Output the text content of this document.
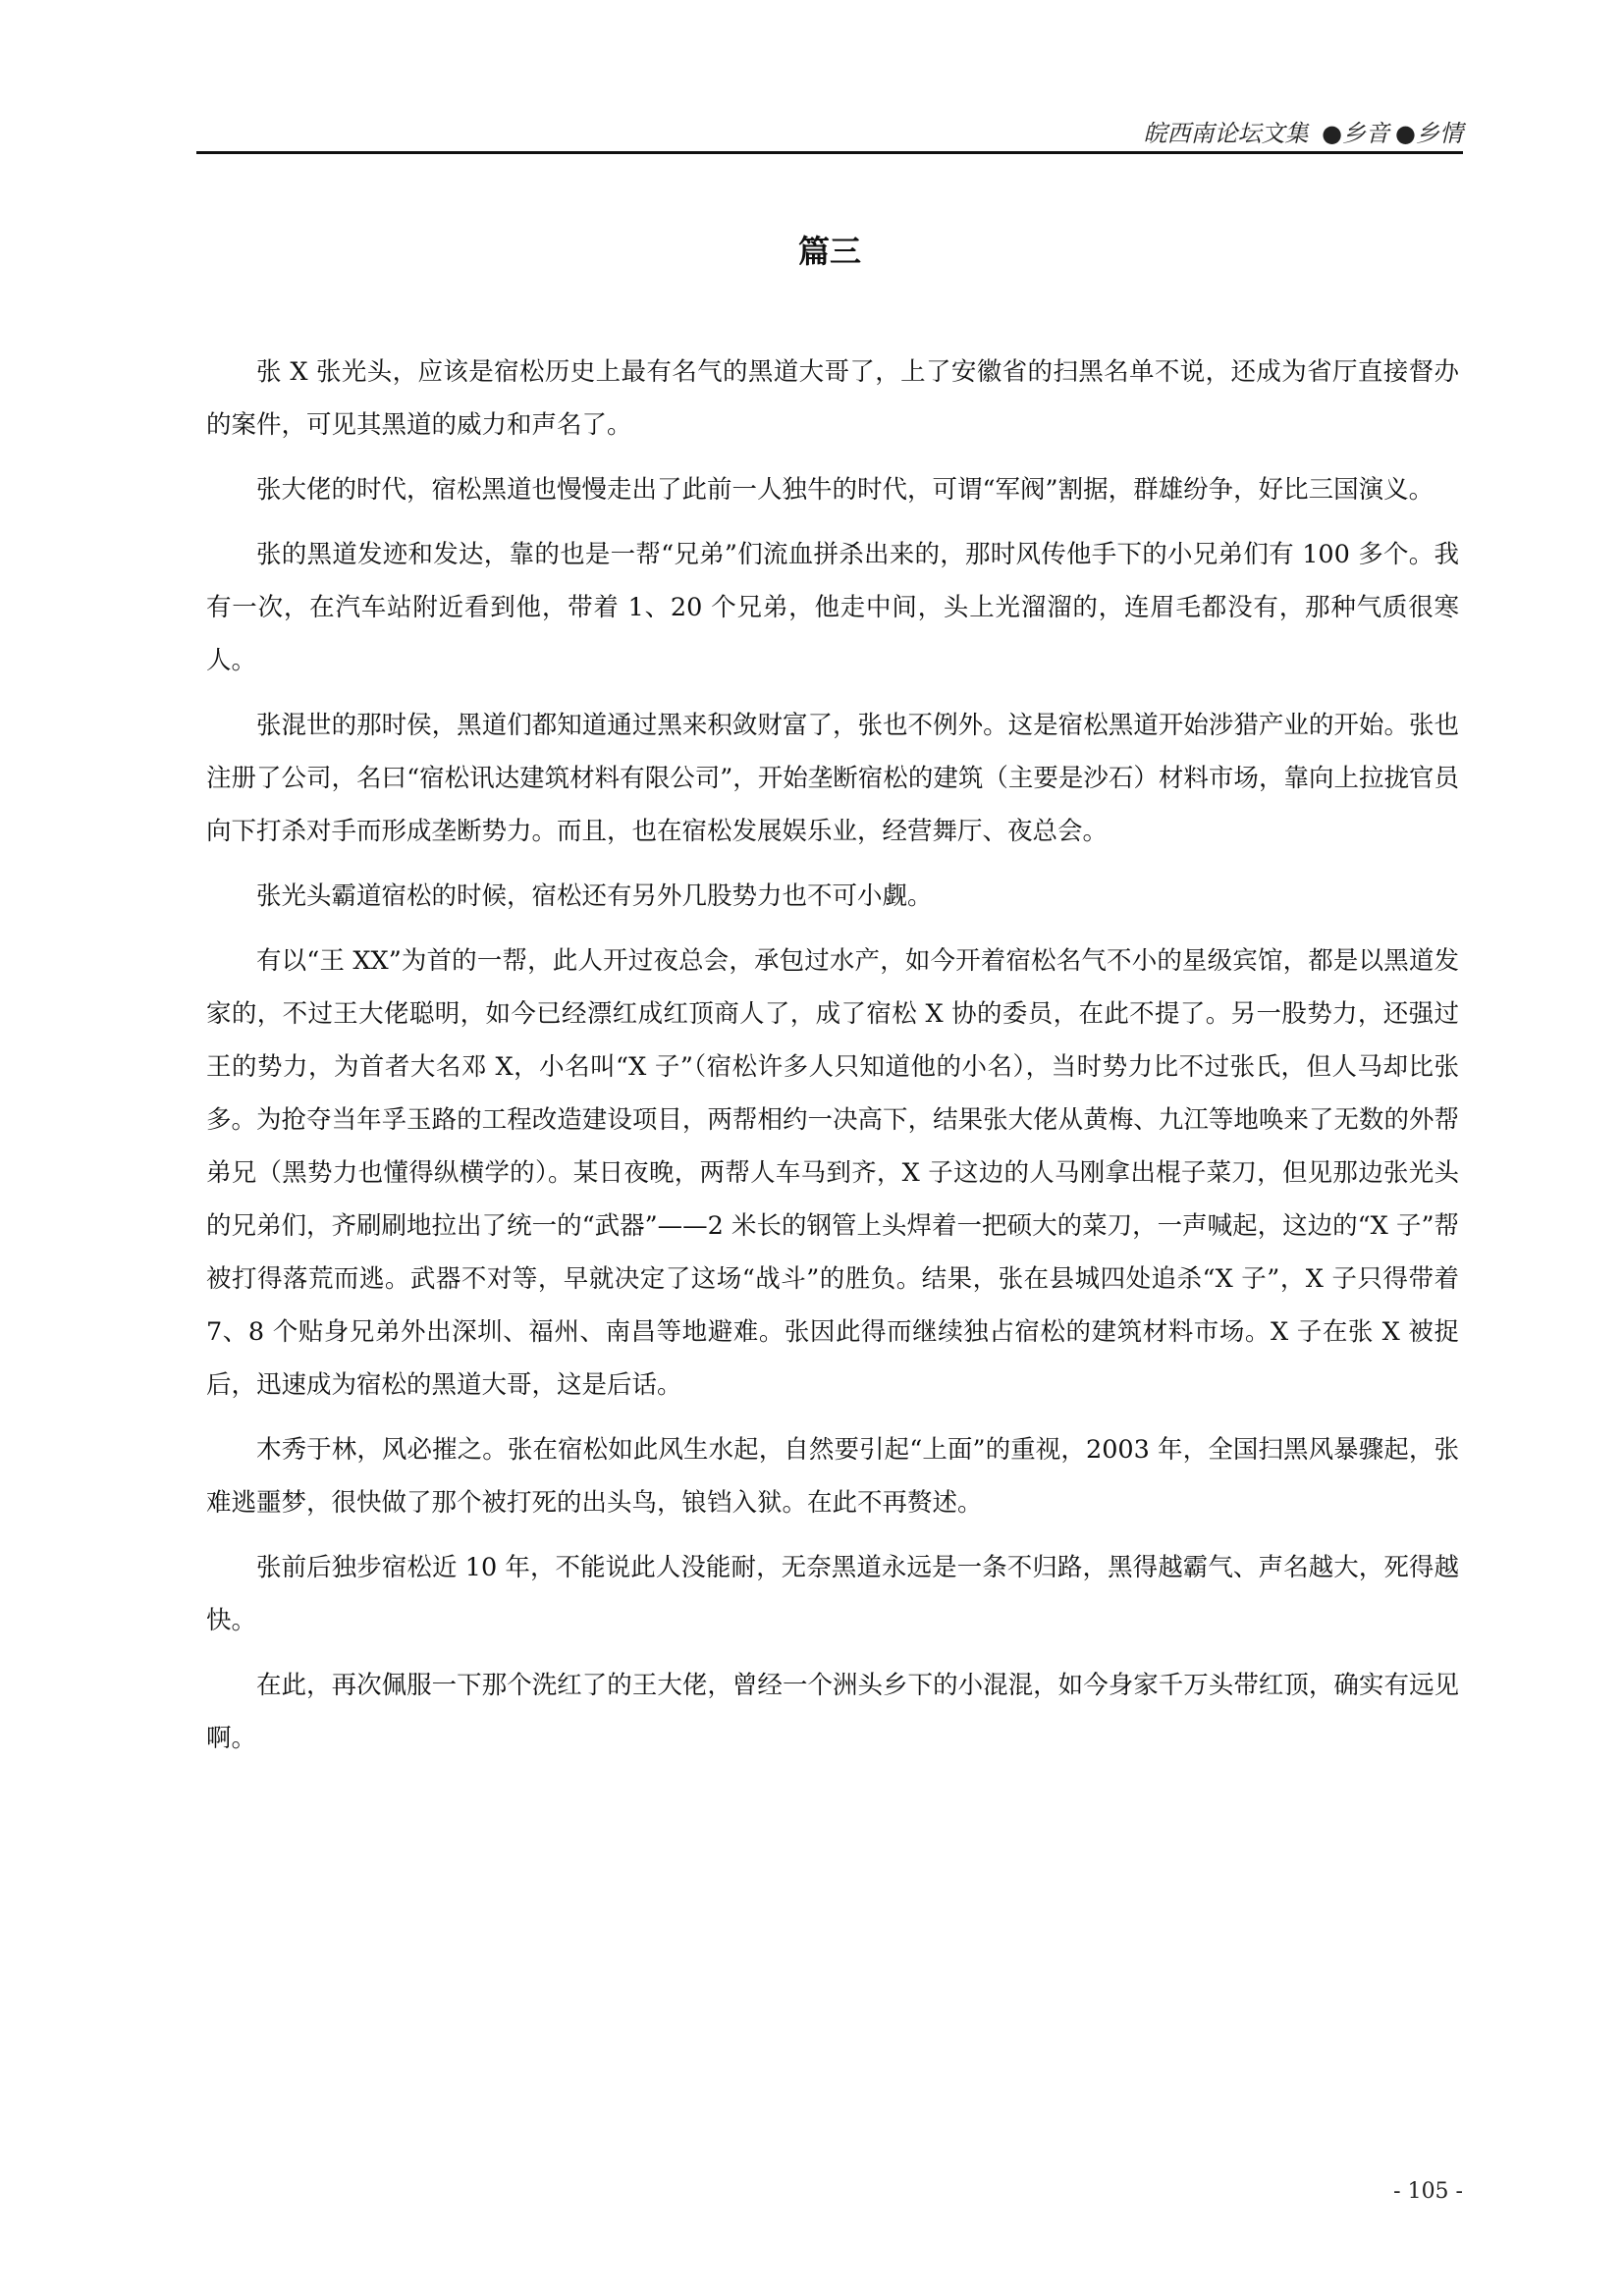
皖西南论坛文集 ●乡音 ●乡情
篇三

张 X 张光头，应该是宿松历史上最有名气的黑道大哥了，上了安徽省的扫黑名单不说，还成为省厅直接督办的案件，可见其黑道的威力和声名了。

张大佬的时代，宿松黑道也慢慢走出了此前一人独牛的时代，可谓“军阀”割据，群雄纷争，好比三国演义。

张的黑道发迹和发达，靠的也是一帮“兄弟”们流血拼杀出来的，那时风传他手下的小兄弟们有 100 多个。我有一次，在汽车站附近看到他，带着 1、20 个兄弟，他走中间，头上光溜溜的，连眉毛都没有，那种气质很寒人。

张混世的那时侯，黑道们都知道通过黑来积敛财富了，张也不例外。这是宿松黑道开始涉猎产业的开始。张也注册了公司，名曰“宿松讯达建筑材料有限公司”，开始垄断宿松的建筑（主要是沙石）材料市场，靠向上拉拢官员向下打杀对手而形成垄断势力。而且，也在宿松发展娱乐业，经营舞厅、夜总会。

张光头霸道宿松的时候，宿松还有另外几股势力也不可小觑。

有以“王 XX”为首的一帮，此人开过夜总会，承包过水产，如今开着宿松名气不小的星级宾馆，都是以黑道发家的，不过王大佬聪明，如今已经漂红成红顶商人了，成了宿松 X 协的委员，在此不提了。另一股势力，还强过王的势力，为首者大名邓 X，小名叫“X 子”（宿松许多人只知道他的小名），当时势力比不过张氏，但人马却比张多。为抢夺当年孚玉路的工程改造建设项目，两帮相约一决高下，结果张大佬从黄梅、九江等地唤来了无数的外帮弟兄（黑势力也懂得纵横学的）。某日夜晚，两帮人车马到齐，X 子这边的人马刚拿出棍子菜刀，但见那边张光头的兄弟们，齐刷刷地拉出了统一的“武器”——2 米长的钢管上头焊着一把硕大的菜刀，一声喊起，这边的“X 子”帮被打得落荒而逃。武器不对等，早就决定了这场“战斗”的胜负。结果，张在县城四处追杀“X 子”，X 子只得带着 7、8 个贴身兄弟外出深圳、福州、南昌等地避难。张因此得而继续独占宿松的建筑材料市场。X 子在张 X 被捉后，迅速成为宿松的黑道大哥，这是后话。

木秀于林，风必摧之。张在宿松如此风生水起，自然要引起“上面”的重视，2003 年，全国扫黑风暴骤起，张难逃噩梦，很快做了那个被打死的出头鸟，锒铛入狱。在此不再赘述。

张前后独步宿松近 10 年，不能说此人没能耐，无奈黑道永远是一条不归路，黑得越霸气、声名越大，死得越快。

在此，再次佩服一下那个洗红了的王大佬，曾经一个洲头乡下的小混混，如今身家千万头带红顶，确实有远见啊。

- 105 -
